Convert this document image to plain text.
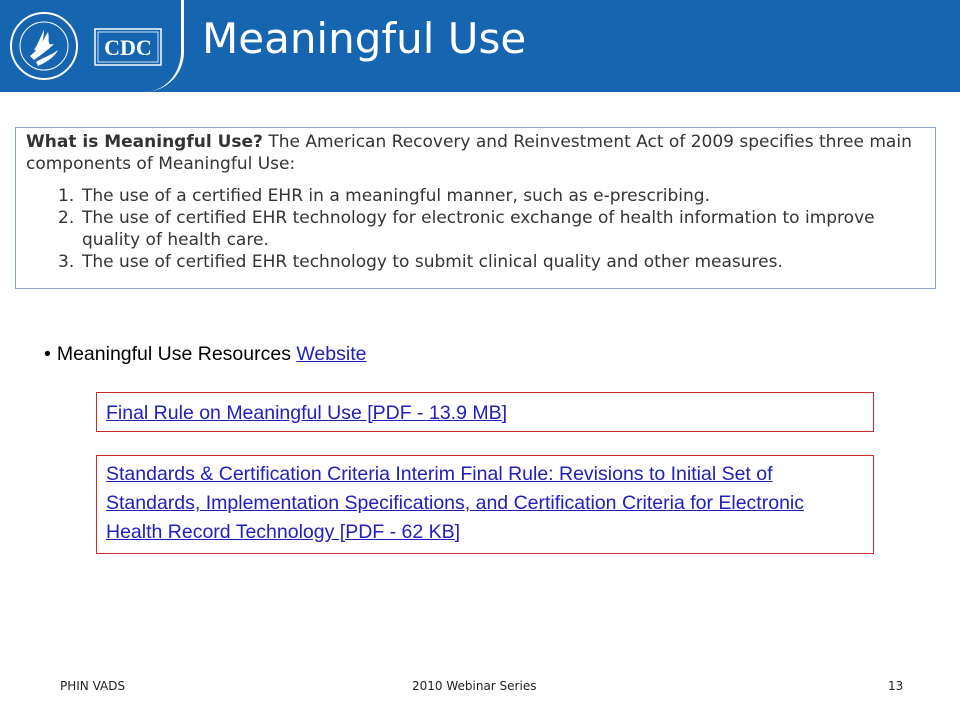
CDC Meaningful Use

What is Meaningful Use? The American Recovery and Reinvestment Act of 2009 specifies three main components of Meaningful Use:

1. The use of a certified EHR in a meaningful manner, such as e-prescribing.
2. The use of certified EHR technology for electronic exchange of health information to improve quality of health care.
3. The use of certified EHR technology to submit clinical quality and other measures.
• Meaningful Use Resources Website
Final Rule on Meaningful Use [PDF - 13.9 MB]
Standards & Certification Criteria Interim Final Rule: Revisions to Initial Set of Standards, Implementation Specifications, and Certification Criteria for Electronic Health Record Technology [PDF - 62 KB]
PHIN VADS	2010 Webinar Series	13
